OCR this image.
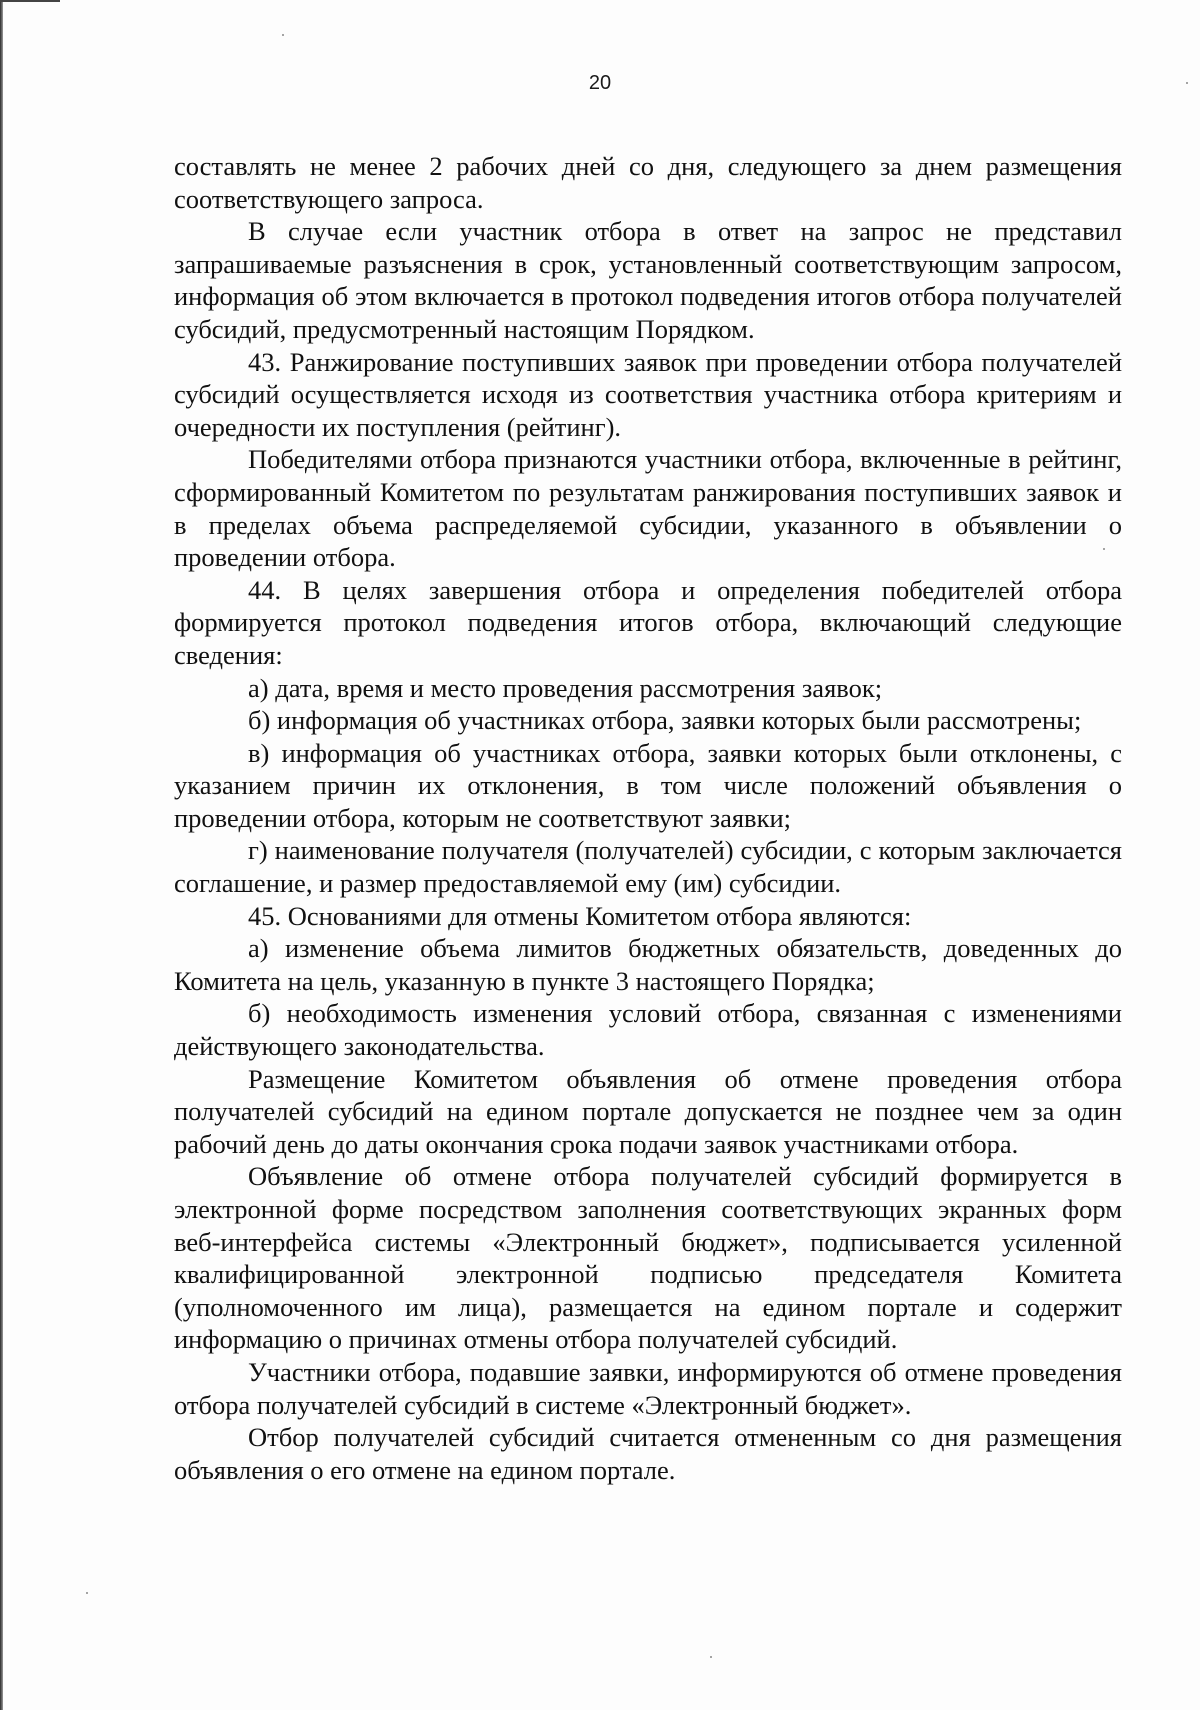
20

составлять не менее 2 рабочих дней со дня, следующего за днем размещения соответствующего запроса.

В случае если участник отбора в ответ на запрос не представил запрашиваемые разъяснения в срок, установленный соответствующим запросом, информация об этом включается в протокол подведения итогов отбора получателей субсидий, предусмотренный настоящим Порядком.

43. Ранжирование поступивших заявок при проведении отбора получателей субсидий осуществляется исходя из соответствия участника отбора критериям и очередности их поступления (рейтинг).

Победителями отбора признаются участники отбора, включенные в рейтинг, сформированный Комитетом по результатам ранжирования поступивших заявок и в пределах объема распределяемой субсидии, указанного в объявлении о проведении отбора.

44. В целях завершения отбора и определения победителей отбора формируется протокол подведения итогов отбора, включающий следующие сведения:

а) дата, время и место проведения рассмотрения заявок;

б) информация об участниках отбора, заявки которых были рассмотрены;

в) информация об участниках отбора, заявки которых были отклонены, с указанием причин их отклонения, в том числе положений объявления о проведении отбора, которым не соответствуют заявки;

г) наименование получателя (получателей) субсидии, с которым заключается соглашение, и размер предоставляемой ему (им) субсидии.

45. Основаниями для отмены Комитетом отбора являются:

а) изменение объема лимитов бюджетных обязательств, доведенных до Комитета на цель, указанную в пункте 3 настоящего Порядка;

б) необходимость изменения условий отбора, связанная с изменениями действующего законодательства.

Размещение Комитетом объявления об отмене проведения отбора получателей субсидий на едином портале допускается не позднее чем за один рабочий день до даты окончания срока подачи заявок участниками отбора.

Объявление об отмене отбора получателей субсидий формируется в электронной форме посредством заполнения соответствующих экранных форм веб-интерфейса системы «Электронный бюджет», подписывается усиленной квалифицированной электронной подписью председателя Комитета (уполномоченного им лица), размещается на едином портале и содержит информацию о причинах отмены отбора получателей субсидий.

Участники отбора, подавшие заявки, информируются об отмене проведения отбора получателей субсидий в системе «Электронный бюджет».

Отбор получателей субсидий считается отмененным со дня размещения объявления о его отмене на едином портале.
